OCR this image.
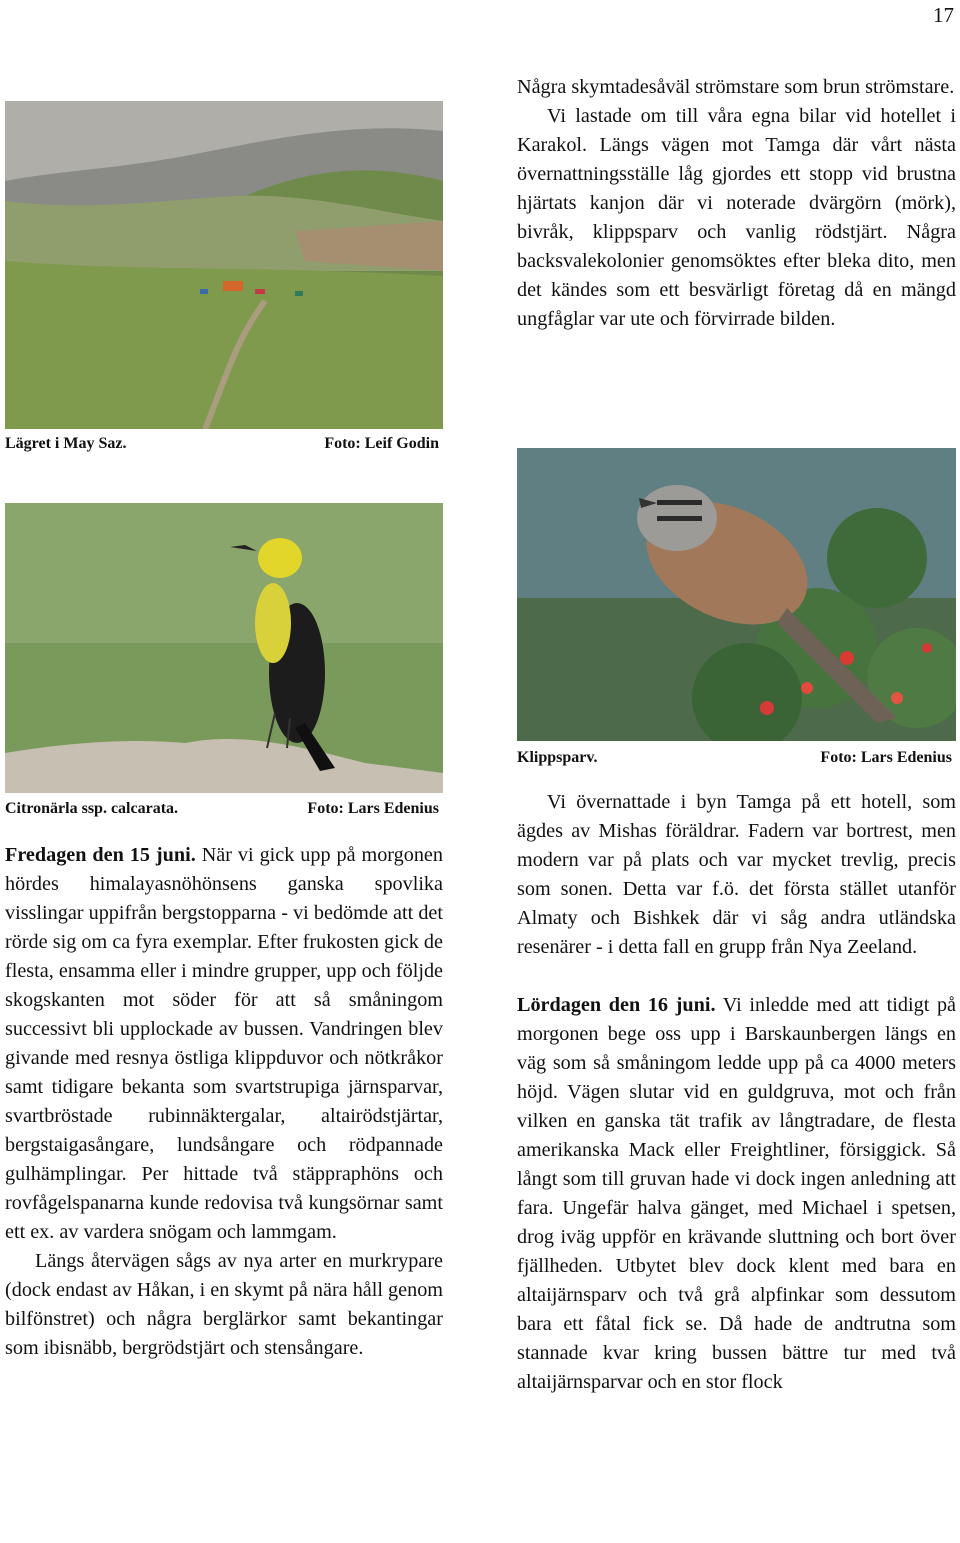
17
Lägret i May Saz.	Foto: Leif Godin
Citronärla ssp. calcarata.	Foto: Lars Edenius
Klippsparv.	Foto: Lars Edenius

Några skymtadesåväl strömstare som brun strömstare.

Vi lastade om till våra egna bilar vid hotellet i Karakol. Längs vägen mot Tamga där vårt nästa övernattningsställe låg gjordes ett stopp vid brustna hjärtats kanjon där vi noterade dvärgörn (mörk), bivråk, klippsparv och vanlig rödstjärt. Några backsvalekolonier genomsöktes efter bleka dito, men det kändes som ett besvärligt företag då en mängd ungfåglar var ute och förvirrade bilden.

Fredagen den 15 juni. När vi gick upp på morgonen hördes himalayasnöhönsens ganska spovlika visslingar uppifrån bergstopparna - vi bedömde att det rörde sig om ca fyra exemplar. Efter frukosten gick de flesta, ensamma eller i mindre grupper, upp och följde skogskanten mot söder för att så småningom successivt bli upplockade av bussen. Vandringen blev givande med resnya östliga klippduvor och nötkråkor samt tidigare bekanta som svartstrupiga järnsparvar, svartbröstade rubinnäktergalar, altairödstjärtar, bergstaigasångare, lundsångare och rödpannade gulhämplingar. Per hittade två stäppraphöns och rovfågelspanarna kunde redovisa två kungsörnar samt ett ex. av vardera snögam och lammgam.

Längs återvägen sågs av nya arter en murkrypare (dock endast av Håkan, i en skymt på nära håll genom bilfönstret) och några berglärkor samt bekantingar som ibisnäbb, bergrödstjärt och stensångare.

Vi övernattade i byn Tamga på ett hotell, som ägdes av Mishas föräldrar. Fadern var bortrest, men modern var på plats och var mycket trevlig, precis som sonen. Detta var f.ö. det första stället utanför Almaty och Bishkek där vi såg andra utländska resenärer - i detta fall en grupp från Nya Zeeland.

Lördagen den 16 juni. Vi inledde med att tidigt på morgonen bege oss upp i Barskaunbergen längs en väg som så småningom ledde upp på ca 4000 meters höjd. Vägen slutar vid en guldgruva, mot och från vilken en ganska tät trafik av långtradare, de flesta amerikanska Mack eller Freightliner, försiggick. Så långt som till gruvan hade vi dock ingen anledning att fara. Ungefär halva gänget, med Michael i spetsen, drog iväg uppför en krävande sluttning och bort över fjällheden. Utbytet blev dock klent med bara en altaijärnsparv och två grå alpfinkar som dessutom bara ett fåtal fick se. Då hade de andtrutna som stannade kvar kring bussen bättre tur med två altaijärnsparvar och en stor flock
